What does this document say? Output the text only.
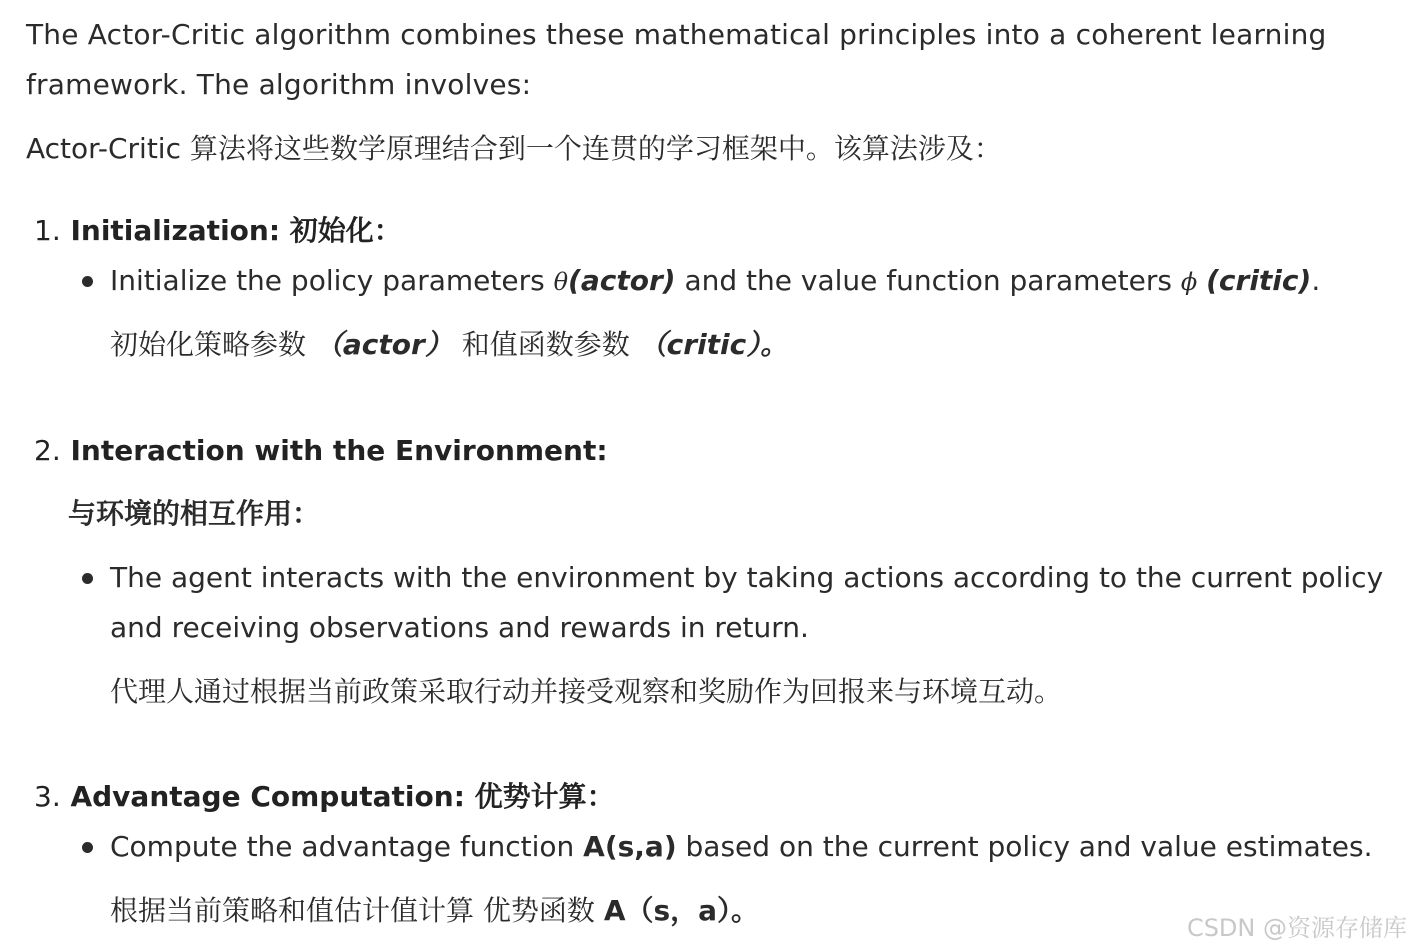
The Actor-Critic algorithm combines these mathematical principles into a coherent learning
framework. The algorithm involves:
Actor-Critic 算法将这些数学原理结合到一个连贯的学习框架中。该算法涉及：
1. Initialization: 初始化：
Initialize the policy parameters θ(actor) and the value function parameters ϕ (critic).
初始化策略参数 （actor） 和值函数参数 （critic）。
2. Interaction with the Environment:
与环境的相互作用：
The agent interacts with the environment by taking actions according to the current policy
and receiving observations and rewards in return.
代理人通过根据当前政策采取行动并接受观察和奖励作为回报来与环境互动。
3. Advantage Computation: 优势计算：
Compute the advantage function A(s,a) based on the current policy and value estimates.
根据当前策略和值估计值计算 优势函数 A（s，a）。
CSDN @资源存储库
